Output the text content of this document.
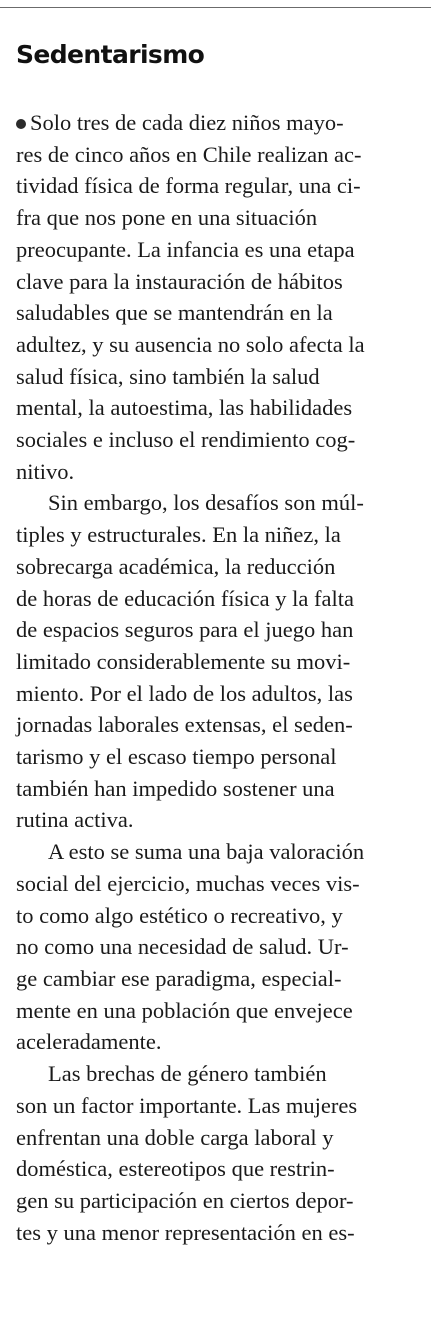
Sedentarismo

Solo tres de cada diez niños mayo-
res de cinco años en Chile realizan ac-
tividad física de forma regular, una ci-
fra que nos pone en una situación
preocupante. La infancia es una etapa
clave para la instauración de hábitos
saludables que se mantendrán en la
adultez, y su ausencia no solo afecta la
salud física, sino también la salud
mental, la autoestima, las habilidades
sociales e incluso el rendimiento cog-
nitivo.

Sin embargo, los desafíos son múl-
tiples y estructurales. En la niñez, la
sobrecarga académica, la reducción
de horas de educación física y la falta
de espacios seguros para el juego han
limitado considerablemente su movi-
miento. Por el lado de los adultos, las
jornadas laborales extensas, el seden-
tarismo y el escaso tiempo personal
también han impedido sostener una
rutina activa.

A esto se suma una baja valoración
social del ejercicio, muchas veces vis-
to como algo estético o recreativo, y
no como una necesidad de salud. Ur-
ge cambiar ese paradigma, especial-
mente en una población que envejece
aceleradamente.

Las brechas de género también
son un factor importante. Las mujeres
enfrentan una doble carga laboral y
doméstica, estereotipos que restrin-
gen su participación en ciertos depor-
tes y una menor representación en es-
